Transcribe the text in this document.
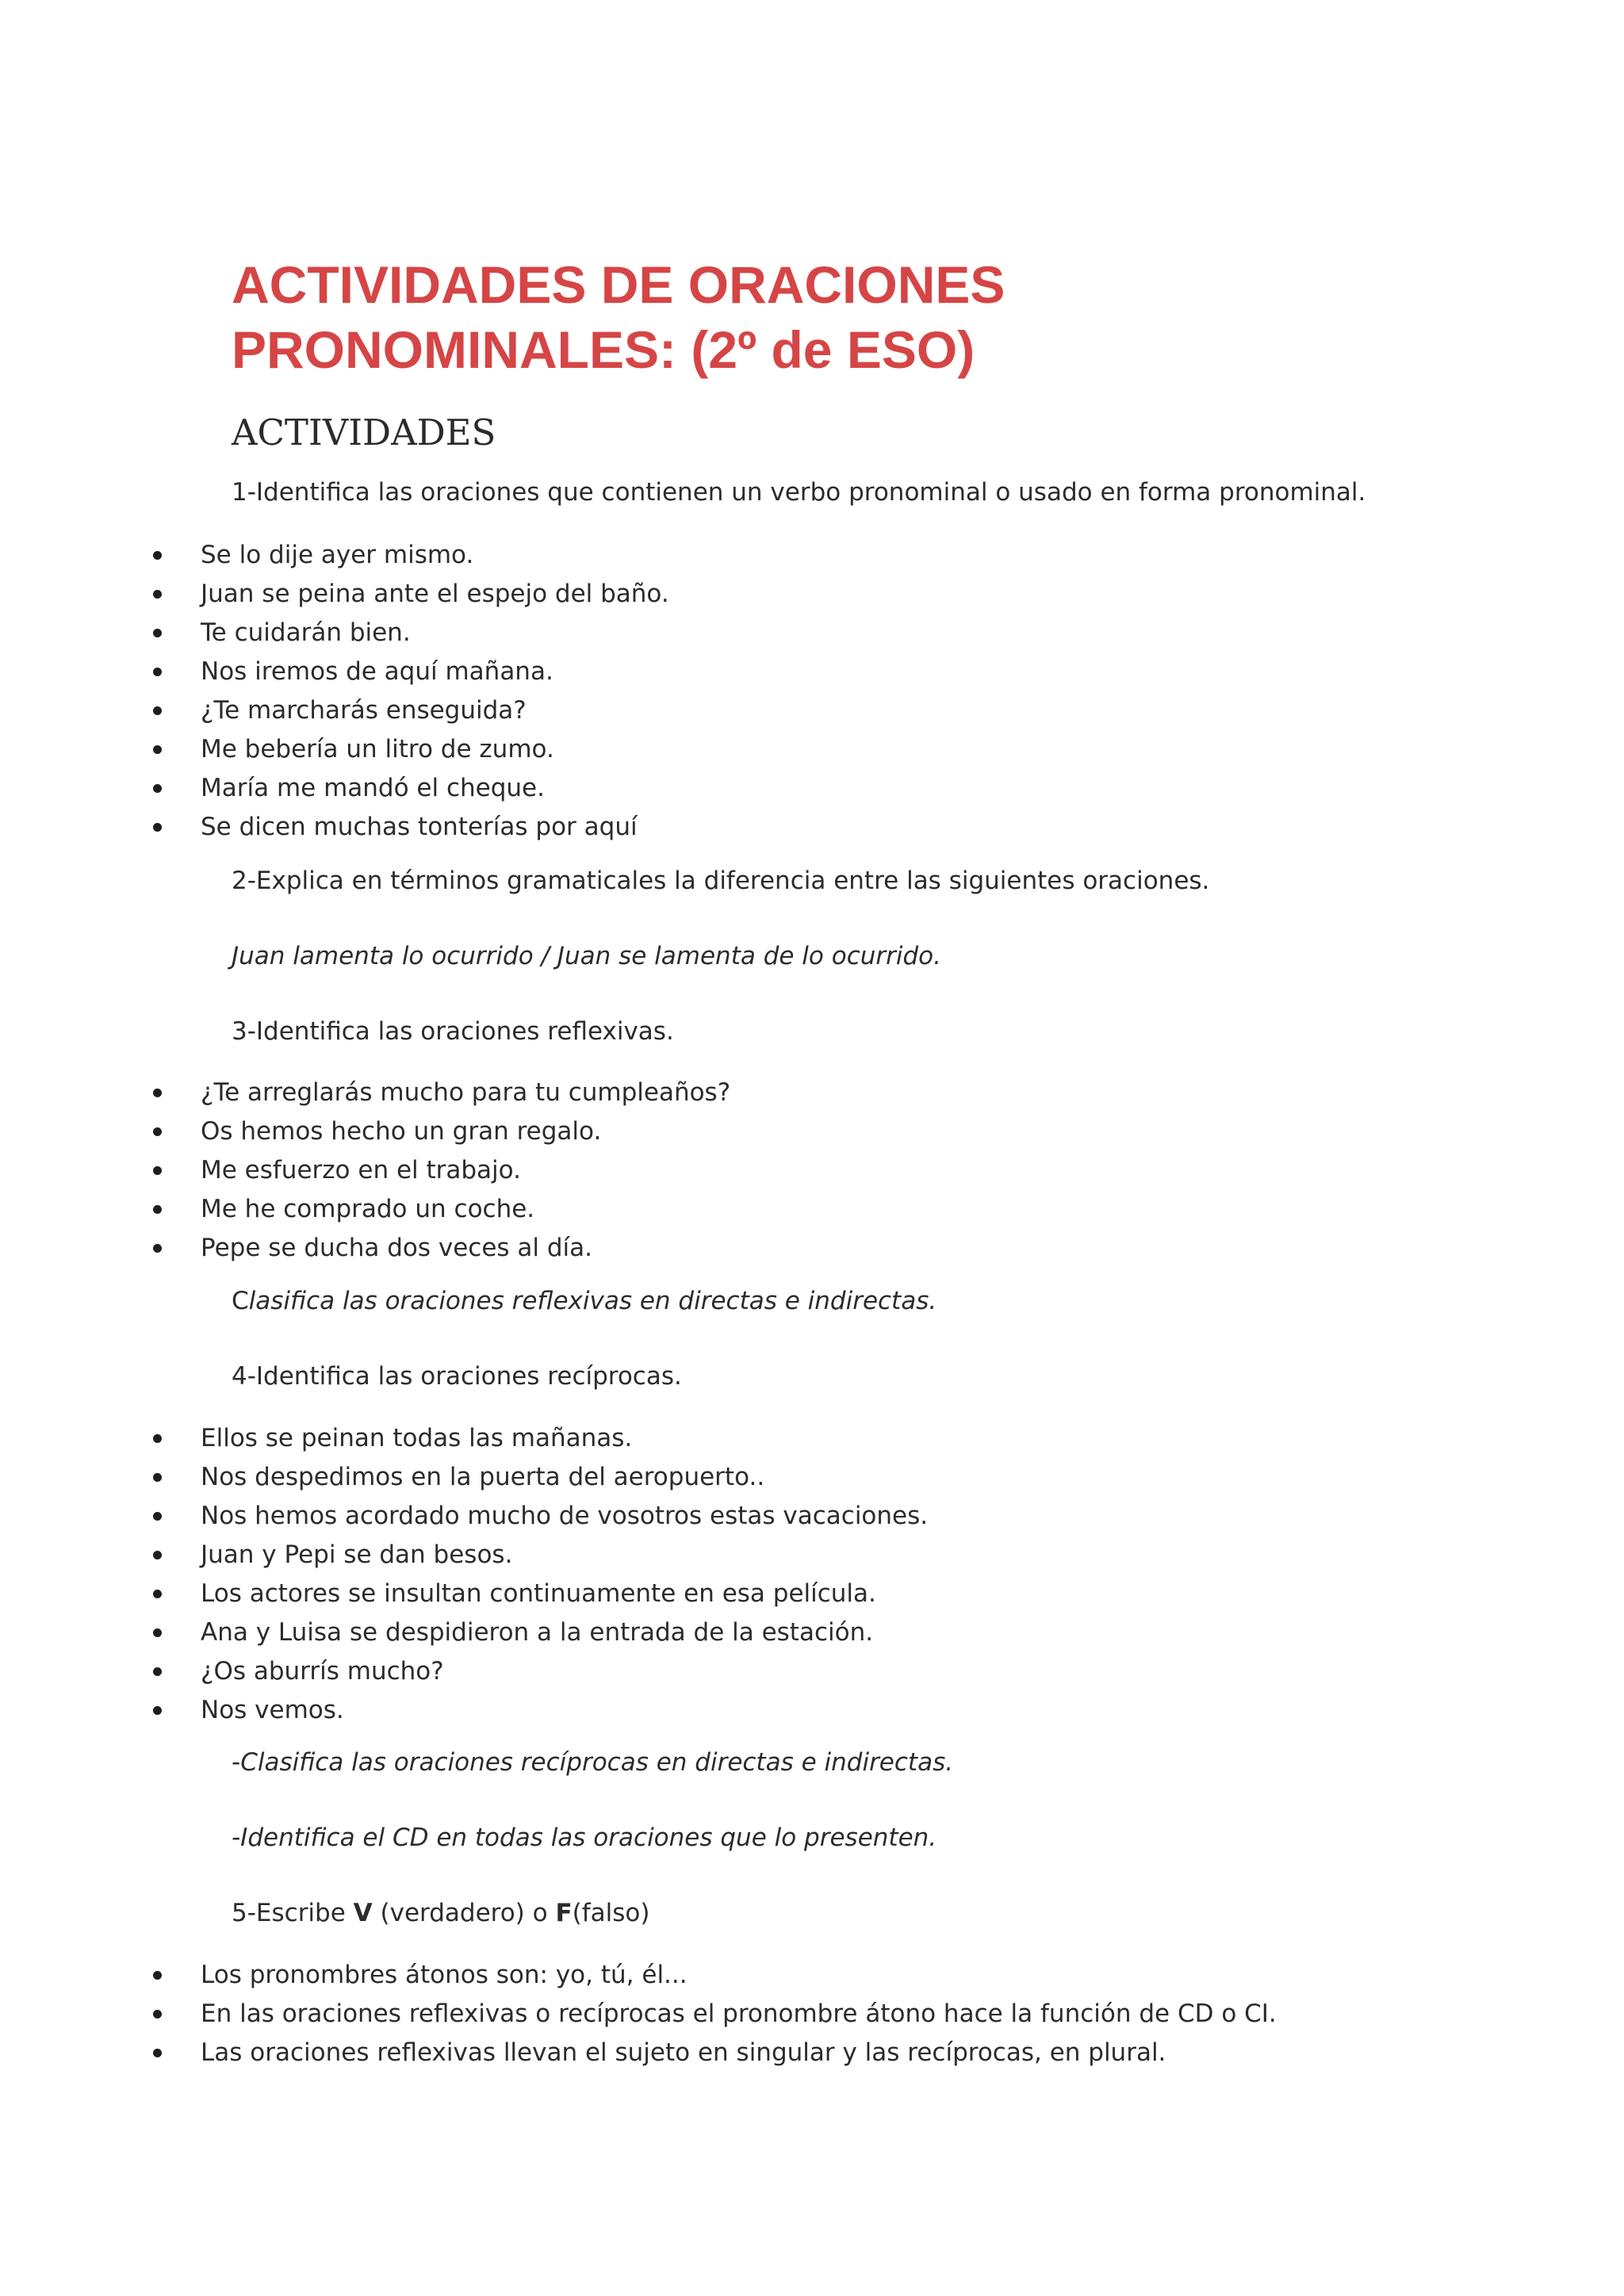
ACTIVIDADES DE ORACIONES
PRONOMINALES: (2º de ESO)
ACTIVIDADES
1-Identifica las oraciones que contienen un verbo pronominal o usado en forma pronominal.
Se lo dije ayer mismo.
Juan se peina ante el espejo del baño.
Te cuidarán bien.
Nos iremos de aquí mañana.
¿Te marcharás enseguida?
Me bebería un litro de zumo.
María me mandó el cheque.
Se dicen muchas tonterías por aquí
2-Explica en términos gramaticales la diferencia entre las siguientes oraciones.
Juan lamenta lo ocurrido / Juan se lamenta de lo ocurrido.
3-Identifica las oraciones reflexivas.
¿Te arreglarás mucho para tu cumpleaños?
Os hemos hecho un gran regalo.
Me esfuerzo en el trabajo.
Me he comprado un coche.
Pepe se ducha dos veces al día.
Clasifica las oraciones reflexivas en directas e indirectas.
4-Identifica las oraciones recíprocas.
Ellos se peinan todas las mañanas.
Nos despedimos en la puerta del aeropuerto..
Nos hemos acordado mucho de vosotros estas vacaciones.
Juan y Pepi se dan besos.
Los actores se insultan continuamente en esa película.
Ana y Luisa se despidieron a la entrada de la estación.
¿Os aburrís mucho?
Nos vemos.
-Clasifica las oraciones recíprocas en directas e indirectas.
-Identifica el CD en todas las oraciones que lo presenten.
5-Escribe V (verdadero) o F(falso)
Los pronombres átonos son: yo, tú, él...
En las oraciones reflexivas o recíprocas el pronombre átono hace la función de CD o CI.
Las oraciones reflexivas llevan el sujeto en singular y las recíprocas, en plural.
